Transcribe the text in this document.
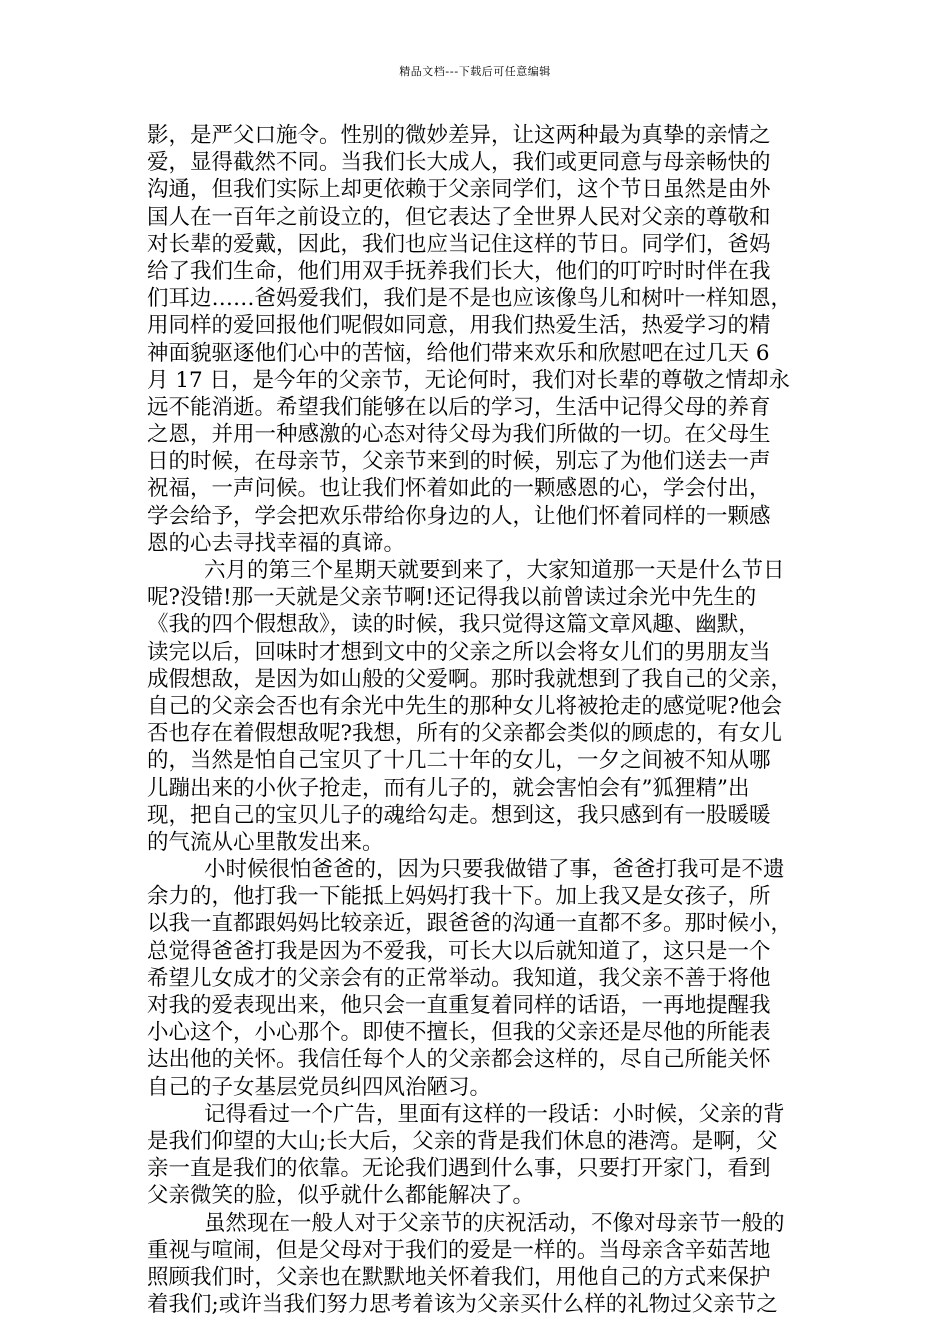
精品文档---下载后可任意编辑

影，是严父口施令。性别的微妙差异，让这两种最为真挚的亲情之
爱，显得截然不同。当我们长大成人，我们或更同意与母亲畅快的
沟通，但我们实际上却更依赖于父亲同学们，这个节日虽然是由外
国人在一百年之前设立的，但它表达了全世界人民对父亲的尊敬和
对长辈的爱戴，因此，我们也应当记住这样的节日。同学们，爸妈
给了我们生命，他们用双手抚养我们长大，他们的叮咛时时伴在我
们耳边……爸妈爱我们，我们是不是也应该像鸟儿和树叶一样知恩，
用同样的爱回报他们呢假如同意，用我们热爱生活，热爱学习的精
神面貌驱逐他们心中的苦恼，给他们带来欢乐和欣慰吧在过几天 6
月 17 日，是今年的父亲节，无论何时，我们对长辈的尊敬之情却永
远不能消逝。希望我们能够在以后的学习，生活中记得父母的养育
之恩，并用一种感激的心态对待父母为我们所做的一切。在父母生
日的时候，在母亲节，父亲节来到的时候，别忘了为他们送去一声
祝福，一声问候。也让我们怀着如此的一颗感恩的心，学会付出，
学会给予，学会把欢乐带给你身边的人，让他们怀着同样的一颗感
恩的心去寻找幸福的真谛。

六月的第三个星期天就要到来了，大家知道那一天是什么节日
呢?没错!那一天就是父亲节啊!还记得我以前曾读过余光中先生的
《我的四个假想敌》，读的时候，我只觉得这篇文章风趣、幽默，
读完以后，回味时才想到文中的父亲之所以会将女儿们的男朋友当
成假想敌，是因为如山般的父爱啊。那时我就想到了我自己的父亲，
自己的父亲会否也有余光中先生的那种女儿将被抢走的感觉呢?他会
否也存在着假想敌呢?我想，所有的父亲都会类似的顾虑的，有女儿
的，当然是怕自己宝贝了十几二十年的女儿，一夕之间被不知从哪
儿蹦出来的小伙子抢走，而有儿子的，就会害怕会有”狐狸精”出
现，把自己的宝贝儿子的魂给勾走。想到这，我只感到有一股暖暖
的气流从心里散发出来。

小时候很怕爸爸的，因为只要我做错了事，爸爸打我可是不遗
余力的，他打我一下能抵上妈妈打我十下。加上我又是女孩子，所
以我一直都跟妈妈比较亲近，跟爸爸的沟通一直都不多。那时候小，
总觉得爸爸打我是因为不爱我，可长大以后就知道了，这只是一个
希望儿女成才的父亲会有的正常举动。我知道，我父亲不善于将他
对我的爱表现出来，他只会一直重复着同样的话语，一再地提醒我
小心这个，小心那个。即使不擅长，但我的父亲还是尽他的所能表
达出他的关怀。我信任每个人的父亲都会这样的，尽自己所能关怀
自己的子女基层党员纠四风治陋习。

记得看过一个广告，里面有这样的一段话：小时候，父亲的背
是我们仰望的大山;长大后，父亲的背是我们休息的港湾。是啊，父
亲一直是我们的依靠。无论我们遇到什么事，只要打开家门，看到
父亲微笑的脸，似乎就什么都能解决了。

虽然现在一般人对于父亲节的庆祝活动，不像对母亲节一般的
重视与喧闹，但是父母对于我们的爱是一样的。当母亲含辛茹苦地
照顾我们时，父亲也在默默地关怀着我们，用他自己的方式来保护
着我们;或许当我们努力思考着该为父亲买什么样的礼物过父亲节之
